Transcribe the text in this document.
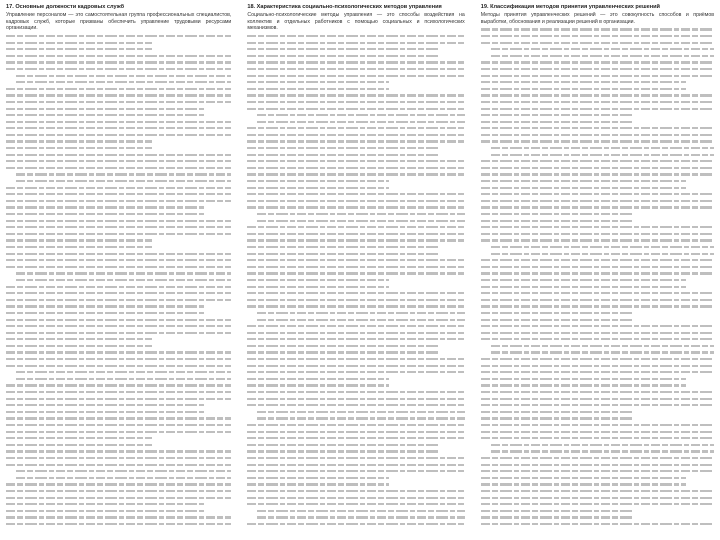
17. Основные должности кадровых служб

Управление персоналом — это самостоятельная группа профессиональных специалистов, кадровых служб, которые призваны обеспечить управление трудовыми ресурсами организации.

18. Характеристика социально-психологических методов управления

Социально-психологические методы управления — это способы воздействия на коллектив и отдельных работников с помощью социальных и психологических механизмов.

19. Классификация методов принятия управленческих решений

Методы принятия управленческих решений — это совокупность способов и приёмов выработки, обоснования и реализации решений в организации.
